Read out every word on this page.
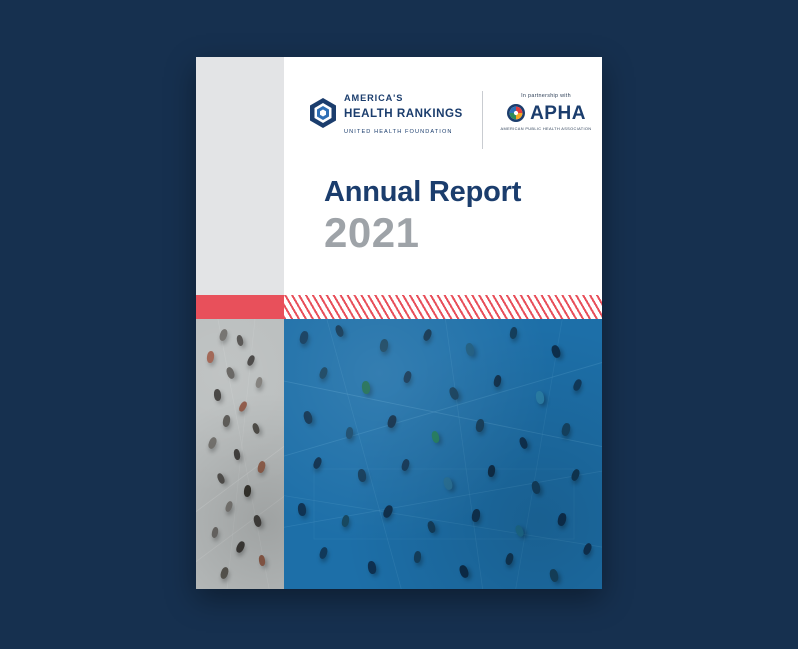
AMERICA'S HEALTH RANKINGS UNITED HEALTH FOUNDATION
In partnership with
APHA
AMERICAN PUBLIC HEALTH ASSOCIATION
Annual Report
2021
